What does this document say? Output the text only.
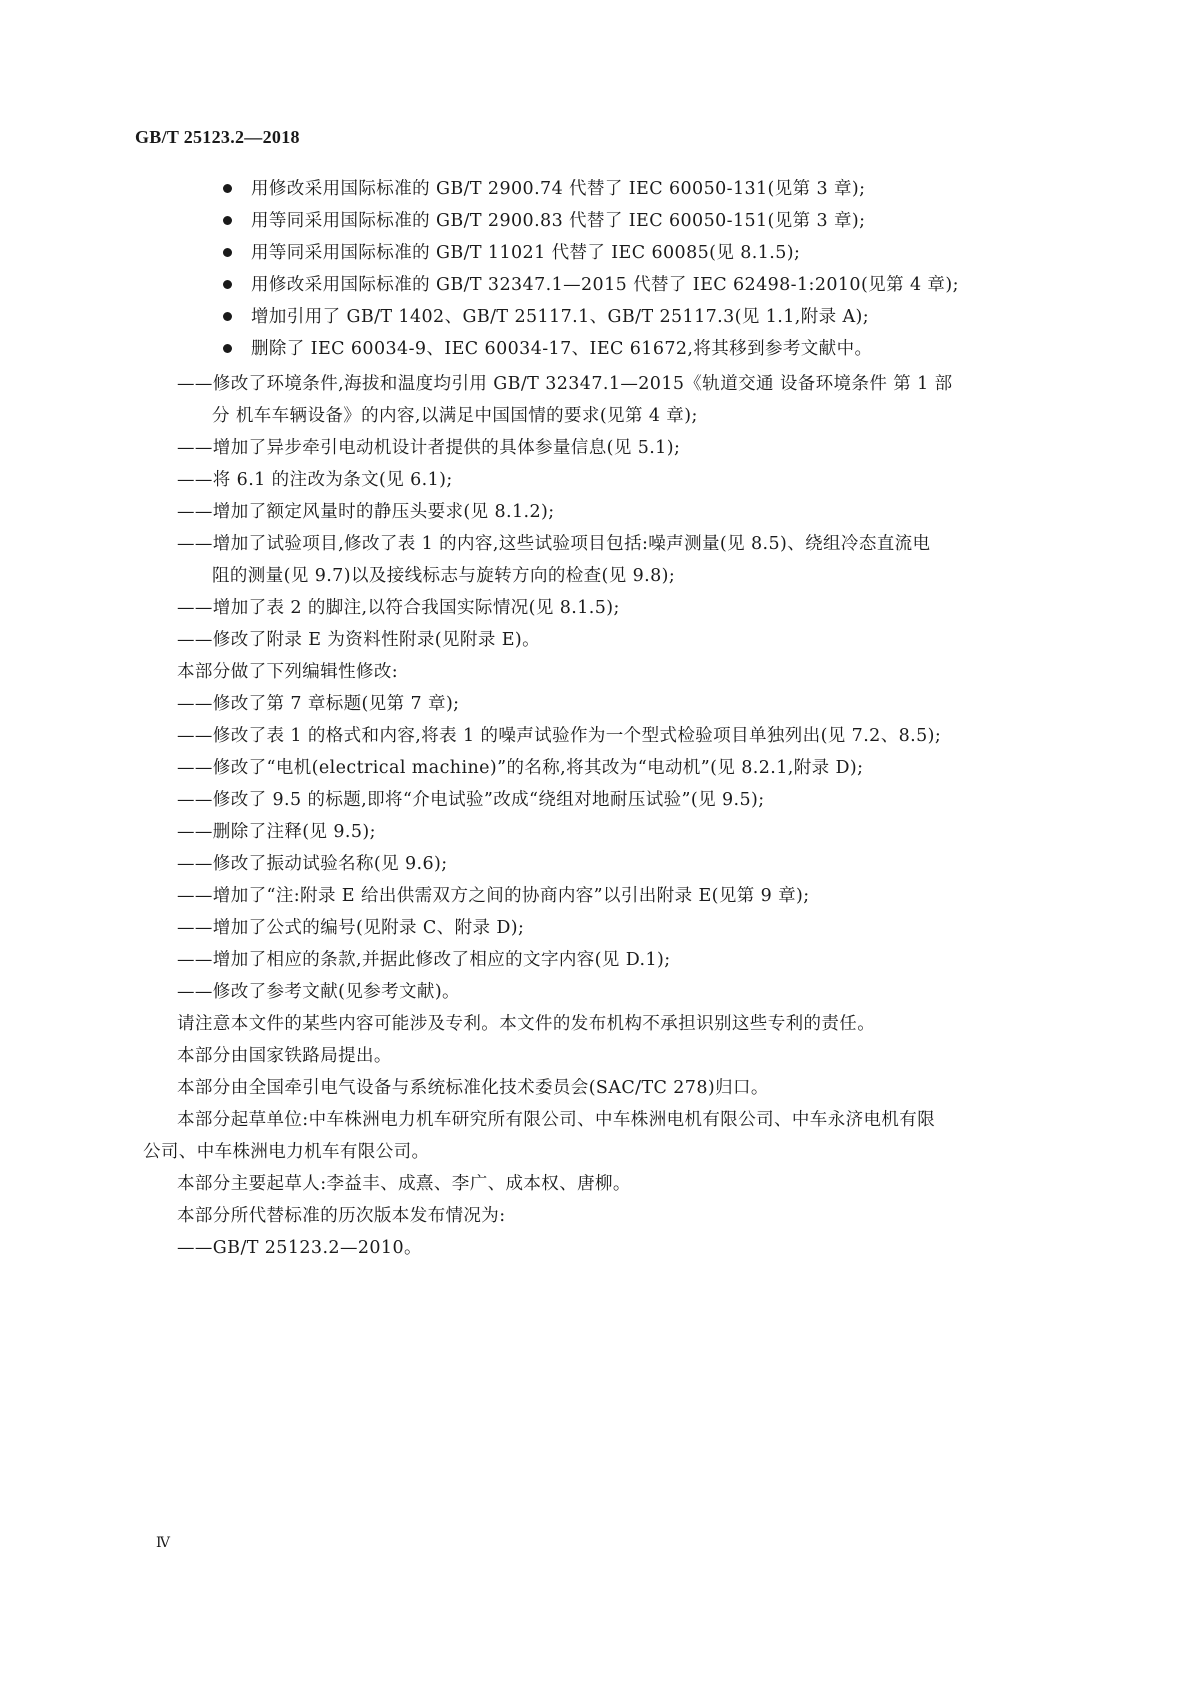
GB/T 25123.2—2018
用修改采用国际标准的 GB/T 2900.74 代替了 IEC 60050-131(见第 3 章);
用等同采用国际标准的 GB/T 2900.83 代替了 IEC 60050-151(见第 3 章);
用等同采用国际标准的 GB/T 11021 代替了 IEC 60085(见 8.1.5);
用修改采用国际标准的 GB/T 32347.1—2015 代替了 IEC 62498-1:2010(见第 4 章);
增加引用了 GB/T 1402、GB/T 25117.1、GB/T 25117.3(见 1.1,附录 A);
删除了 IEC 60034-9、IEC 60034-17、IEC 61672,将其移到参考文献中。
——修改了环境条件,海拔和温度均引用 GB/T 32347.1—2015《轨道交通 设备环境条件 第 1 部
分 机车车辆设备》的内容,以满足中国国情的要求(见第 4 章);
——增加了异步牵引电动机设计者提供的具体参量信息(见 5.1);
——将 6.1 的注改为条文(见 6.1);
——增加了额定风量时的静压头要求(见 8.1.2);
——增加了试验项目,修改了表 1 的内容,这些试验项目包括:噪声测量(见 8.5)、绕组冷态直流电
阻的测量(见 9.7)以及接线标志与旋转方向的检查(见 9.8);
——增加了表 2 的脚注,以符合我国实际情况(见 8.1.5);
——修改了附录 E 为资料性附录(见附录 E)。
本部分做了下列编辑性修改:
——修改了第 7 章标题(见第 7 章);
——修改了表 1 的格式和内容,将表 1 的噪声试验作为一个型式检验项目单独列出(见 7.2、8.5);
——修改了“电机(electrical machine)”的名称,将其改为“电动机”(见 8.2.1,附录 D);
——修改了 9.5 的标题,即将“介电试验”改成“绕组对地耐压试验”(见 9.5);
——删除了注释(见 9.5);
——修改了振动试验名称(见 9.6);
——增加了“注:附录 E 给出供需双方之间的协商内容”以引出附录 E(见第 9 章);
——增加了公式的编号(见附录 C、附录 D);
——增加了相应的条款,并据此修改了相应的文字内容(见 D.1);
——修改了参考文献(见参考文献)。
请注意本文件的某些内容可能涉及专利。本文件的发布机构不承担识别这些专利的责任。
本部分由国家铁路局提出。
本部分由全国牵引电气设备与系统标准化技术委员会(SAC/TC 278)归口。
本部分起草单位:中车株洲电力机车研究所有限公司、中车株洲电机有限公司、中车永济电机有限
公司、中车株洲电力机车有限公司。
本部分主要起草人:李益丰、成熹、李广、成本权、唐柳。
本部分所代替标准的历次版本发布情况为:
——GB/T 25123.2—2010。
Ⅳ
